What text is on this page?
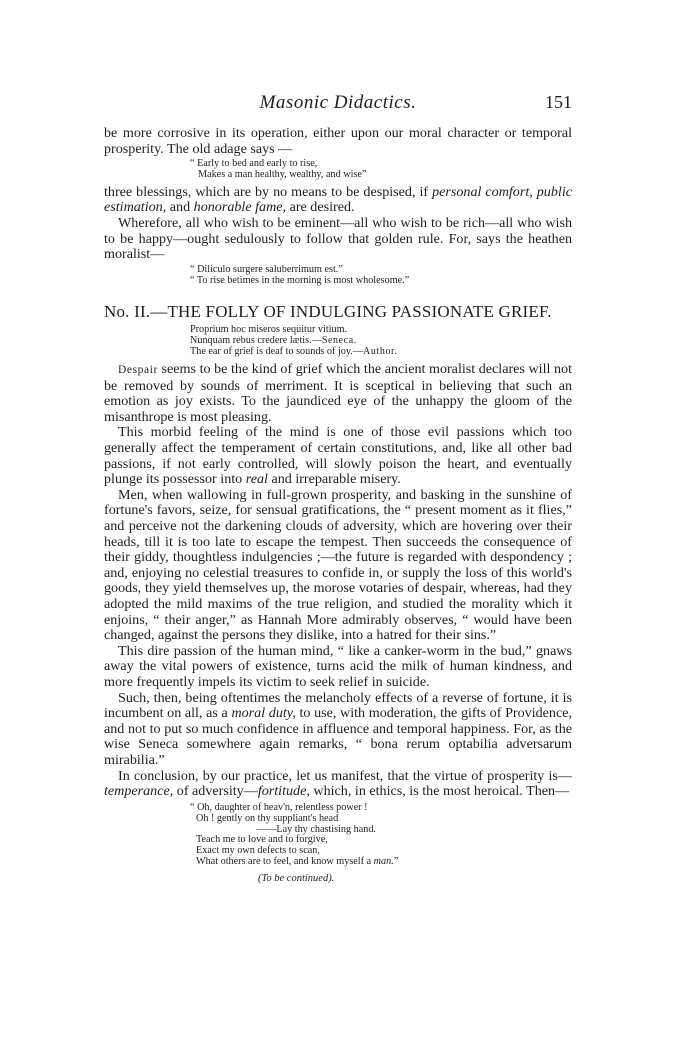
Masonic Didactics.	151

be more corrosive in its operation, either upon our moral character or temporal prosperity. The old adage says —

“ Early to bed and early to rise,
Makes a man healthy, wealthy, and wise”

three blessings, which are by no means to be despised, if personal comfort, public estimation, and honorable fame, are desired.

Wherefore, all who wish to be eminent—all who wish to be rich—all who wish to be happy—ought sedulously to follow that golden rule. For, says the heathen moralist—

“ Diliculo surgere saluberrimum est.”
“ To rise betimes in the morning is most wholesome.”
No. II.—THE FOLLY OF INDULGING PASSIONATE GRIEF.
Proprium hoc miseros sequitur vitium.
Nunquam rebus credere lætis.—Seneca.
The ear of grief is deaf to sounds of joy.—Author.

Despair seems to be the kind of grief which the ancient moralist declares will not be removed by sounds of merriment. It is sceptical in believing that such an emotion as joy exists. To the jaundiced eye of the unhappy the gloom of the misanthrope is most pleasing.

This morbid feeling of the mind is one of those evil passions which too generally affect the temperament of certain constitutions, and, like all other bad passions, if not early controlled, will slowly poison the heart, and eventually plunge its possessor into real and irreparable misery.

Men, when wallowing in full-grown prosperity, and basking in the sunshine of fortune's favors, seize, for sensual gratifications, the “ present moment as it flies,” and perceive not the darkening clouds of adversity, which are hovering over their heads, till it is too late to escape the tempest. Then succeeds the consequence of their giddy, thoughtless indulgencies ;—the future is regarded with despondency ; and, enjoying no celestial treasures to confide in, or supply the loss of this world's goods, they yield themselves up, the morose votaries of despair, whereas, had they adopted the mild maxims of the true religion, and studied the morality which it enjoins, “ their anger,” as Hannah More admirably observes, “ would have been changed, against the persons they dislike, into a hatred for their sins.”

This dire passion of the human mind, “ like a canker-worm in the bud,” gnaws away the vital powers of existence, turns acid the milk of human kindness, and more frequently impels its victim to seek relief in suicide.

Such, then, being oftentimes the melancholy effects of a reverse of fortune, it is incumbent on all, as a moral duty, to use, with moderation, the gifts of Providence, and not to put so much confidence in affluence and temporal happiness. For, as the wise Seneca somewhere again remarks, “ bona rerum optabilia adversarum mirabilia.”

In conclusion, by our practice, let us manifest, that the virtue of prosperity is—temperance, of adversity—fortitude, which, in ethics, is the most heroical. Then—

“ Oh, daughter of heav'n, relentless power !
Oh ! gently on thy suppliant's head
——Lay thy chastising hand.
Teach me to love and to forgive,
Exact my own defects to scan,
What others are to feel, and know myself a man.”
(To be continued).
